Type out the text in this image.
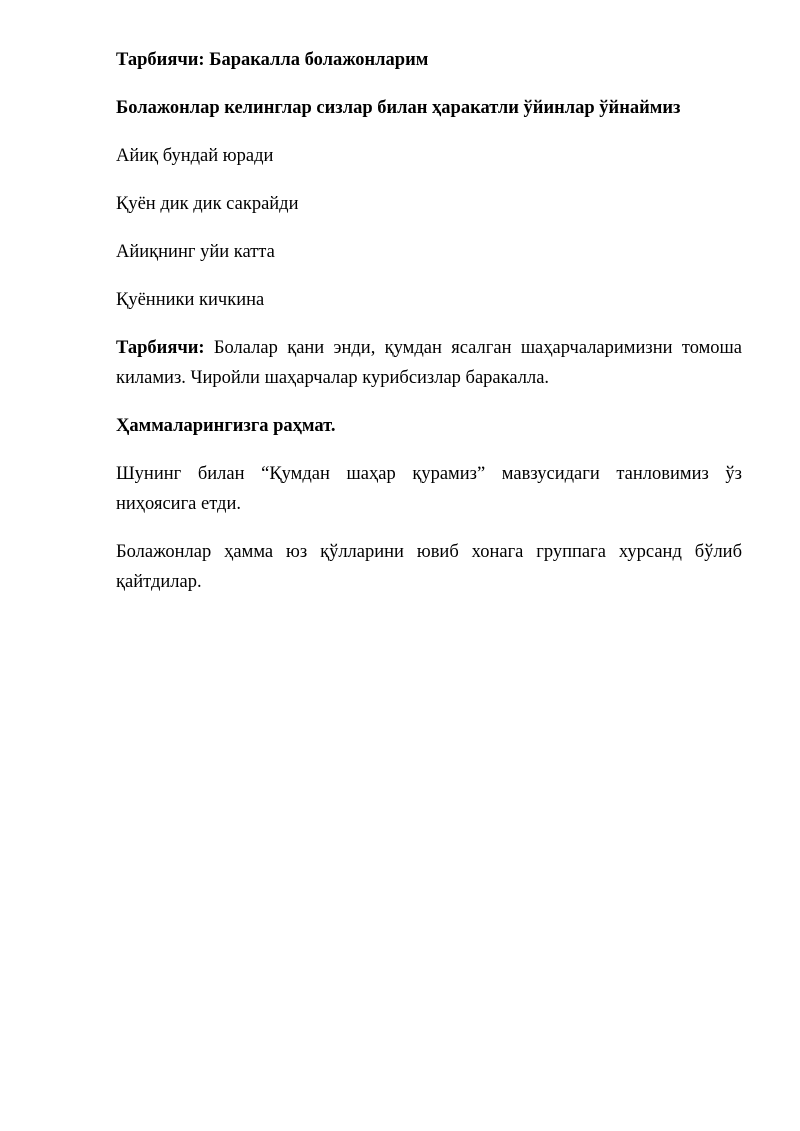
Тарбиячи: Баракалла болажонларим

Болажонлар келинглар сизлар билан ҳаракатли ўйинлар ўйнаймиз

Айиқ бундай юради

Қуён дик дик сакрайди

Айиқнинг уйи катта

Қуённики кичкина

Тарбиячи: Болалар қани энди, қумдан ясалган шаҳарчаларимизни томоша киламиз. Чиройли шаҳарчалар курибсизлар баракалла.

Ҳаммаларингизга раҳмат.

Шунинг билан “Қумдан шаҳар қурамиз” мавзусидаги танловимиз ўз ниҳоясига етди.

Болажонлар ҳамма юз қўлларини ювиб хонага группага хурсанд бўлиб қайтдилар.
